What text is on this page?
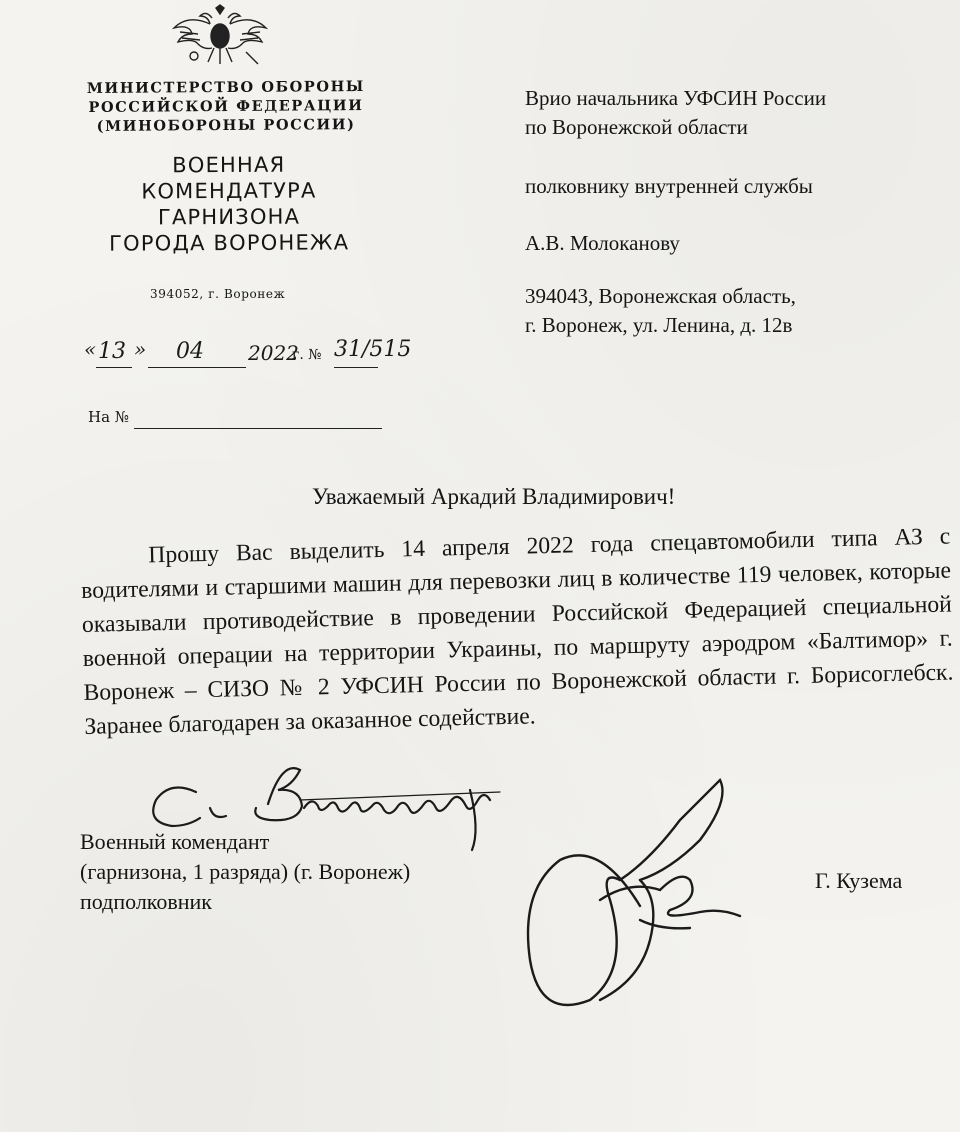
МИНИСТЕРСТВО ОБОРОНЫ
РОССИЙСКОЙ ФЕДЕРАЦИИ
(МИНОБОРОНЫ РОССИИ)
ВОЕННАЯ
КОМЕНДАТУРА
ГАРНИЗОНА
ГОРОДА ВОРОНЕЖА
394052, г. Воронеж
« 13 » 04 2022
г. № 31/515
На №
Врио начальника УФСИН России
по Воронежской области
полковнику внутренней службы
А.В. Молоканову
394043, Воронежская область,
г. Воронеж, ул. Ленина, д. 12в
Уважаемый Аркадий Владимирович!

Прошу Вас выделить 14 апреля 2022 года спецавтомобили типа АЗ с водителями и старшими машин для перевозки лиц в количестве 119 человек, которые оказывали противодействие в проведении Российской Федерацией специальной военной операции на территории Украины, по маршруту аэродром «Балтимор» г. Воронеж – СИЗО № 2 УФСИН России по Воронежской области г. Борисоглебск. Заранее благодарен за оказанное содействие.

Военный комендант
(гарнизона, 1 разряда) (г. Воронеж)
подполковник
Г. Кузема
